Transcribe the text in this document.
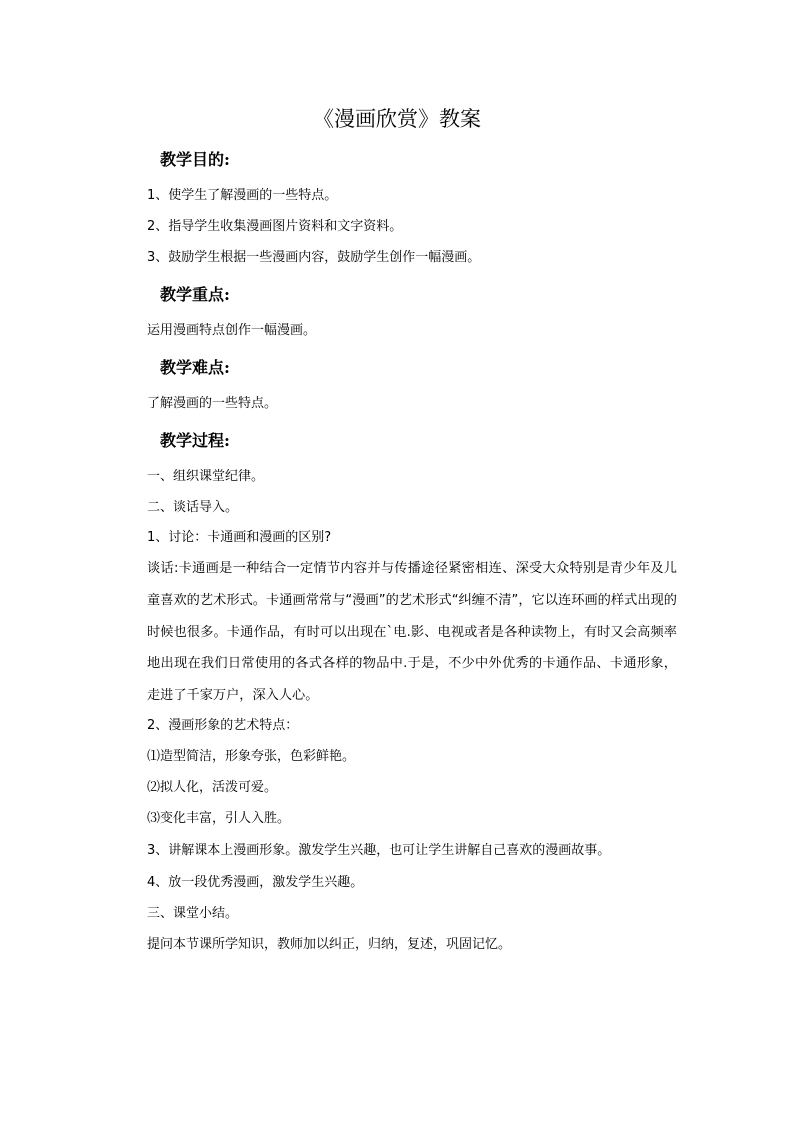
《漫画欣赏》教案
教学目的:
1、使学生了解漫画的一些特点。
2、指导学生收集漫画图片资料和文字资料。
3、鼓励学生根据一些漫画内容，鼓励学生创作一幅漫画。
教学重点:
运用漫画特点创作一幅漫画。
教学难点:
了解漫画的一些特点。
教学过程:
一、组织课堂纪律。
二、谈话导入。
1、讨论：卡通画和漫画的区别?
谈话:卡通画是一种结合一定情节内容并与传播途径紧密相连、深受大众特别是青少年及儿童喜欢的艺术形式。卡通画常常与“漫画”的艺术形式“纠缠不清”，它以连环画的样式出现的时候也很多。卡通作品，有时可以出现在`电.影、电视或者是各种读物上，有时又会高频率地出现在我们日常使用的各式各样的物品中.于是，不少中外优秀的卡通作品、卡通形象，走进了千家万户，深入人心。
2、漫画形象的艺术特点：
⑴造型简洁，形象夸张，色彩鲜艳。
⑵拟人化，活泼可爱。
⑶变化丰富，引人入胜。
3、讲解课本上漫画形象。激发学生兴趣，也可让学生讲解自己喜欢的漫画故事。
4、放一段优秀漫画，激发学生兴趣。
三、课堂小结。
提问本节课所学知识，教师加以纠正，归纳，复述，巩固记忆。
